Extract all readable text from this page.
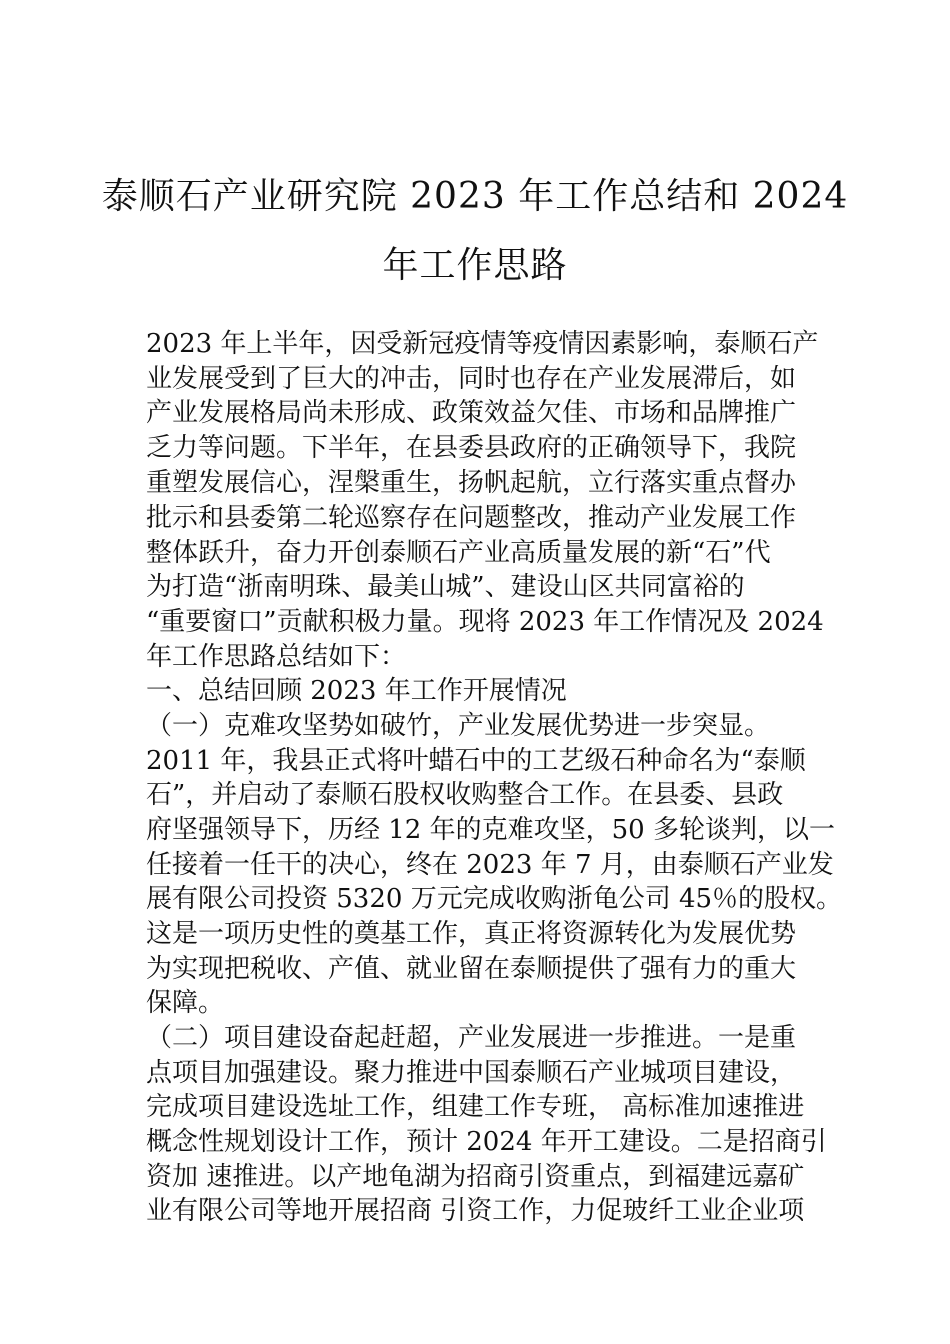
泰顺石产业研究院 2023 年工作总结和 2024
年工作思路
2023 年上半年，因受新冠疫情等疫情因素影响，泰顺石产
业发展受到了巨大的冲击，同时也存在产业发展滞后，如
产业发展格局尚未形成、政策效益欠佳、市场和品牌推广
乏力等问题。下半年，在县委县政府的正确领导下，我院
重塑发展信心，涅槃重生，扬帆起航，立行落实重点督办
批示和县委第二轮巡察存在问题整改，推动产业发展工作
整体跃升，奋力开创泰顺石产业高质量发展的新“石”代
为打造“浙南明珠、最美山城”、建设山区共同富裕的
“重要窗口”贡献积极力量。现将 2023 年工作情况及 2024
年工作思路总结如下：
一、总结回顾 2023 年工作开展情况
（一）克难攻坚势如破竹，产业发展优势进一步突显。
2011 年，我县正式将叶蜡石中的工艺级石种命名为“泰顺
石”，并启动了泰顺石股权收购整合工作。在县委、县政
府坚强领导下，历经 12 年的克难攻坚，50 多轮谈判，以一
任接着一任干的决心，终在 2023 年 7 月，由泰顺石产业发
展有限公司投资 5320 万元完成收购浙龟公司 45％的股权。
这是一项历史性的奠基工作，真正将资源转化为发展优势
为实现把税收、产值、就业留在泰顺提供了强有力的重大
保障。
（二）项目建设奋起赶超，产业发展进一步推进。一是重
点项目加强建设。聚力推进中国泰顺石产业城项目建设，
完成项目建设选址工作，组建工作专班， 高标准加速推进
概念性规划设计工作，预计 2024 年开工建设。二是招商引
资加 速推进。以产地龟湖为招商引资重点，到福建远嘉矿
业有限公司等地开展招商 引资工作，力促玻纤工业企业项
